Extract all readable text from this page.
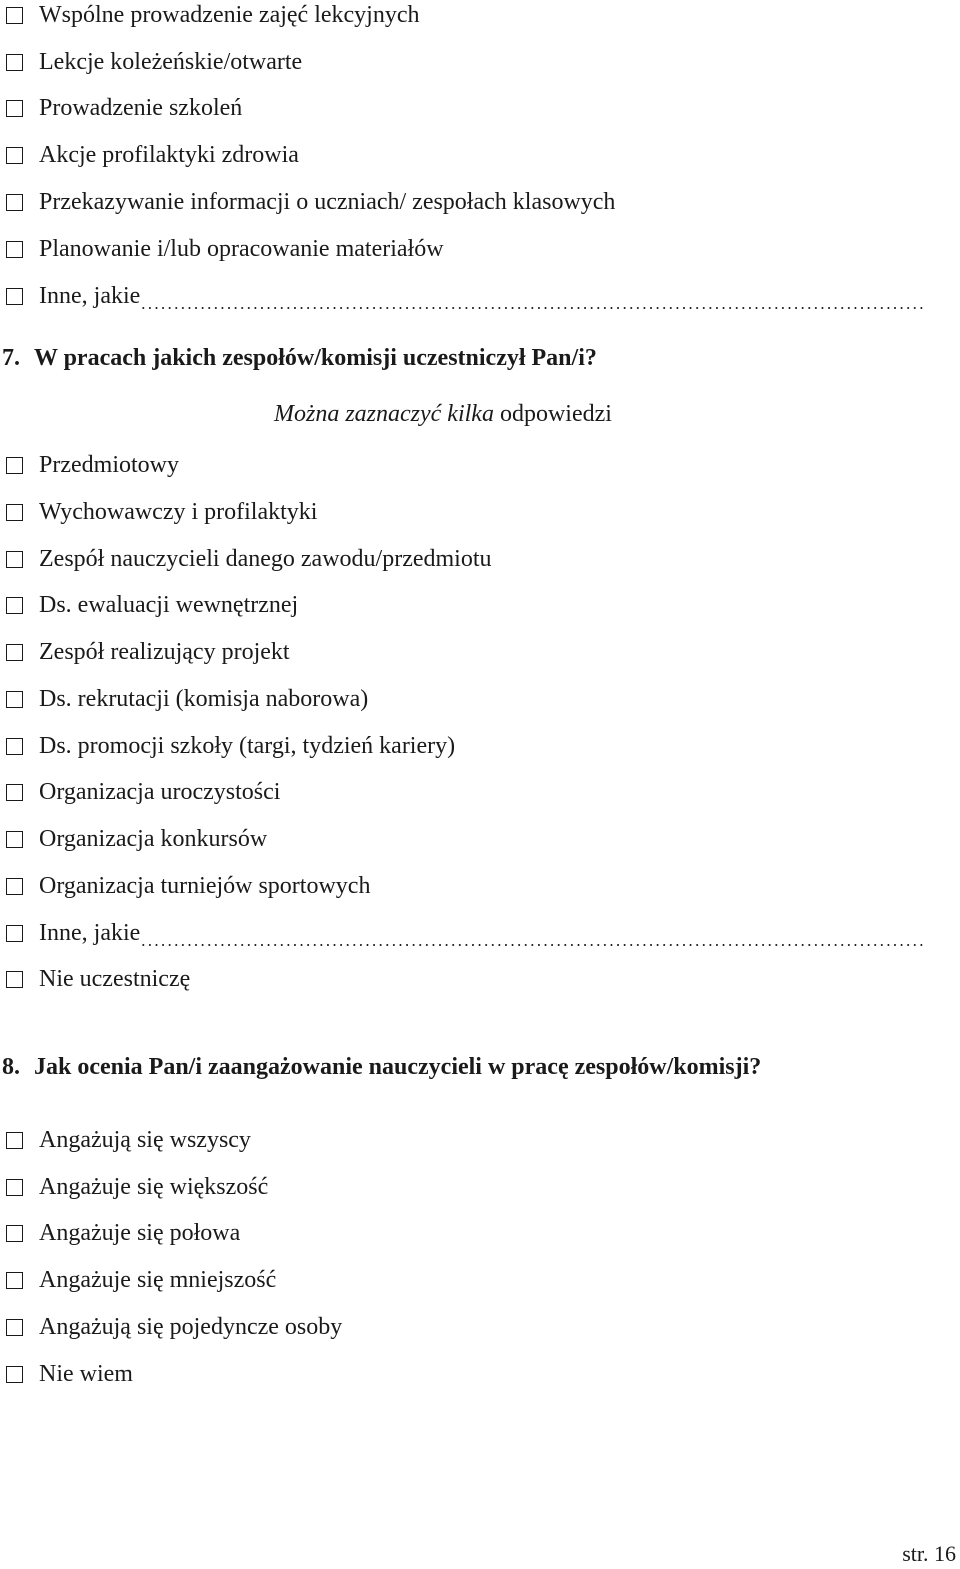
Wspólne prowadzenie zajęć lekcyjnych
Lekcje koleżeńskie/otwarte
Prowadzenie szkoleń
Akcje profilaktyki zdrowia
Przekazywanie informacji o uczniach/ zespołach klasowych
Planowanie i/lub opracowanie materiałów
Inne, jakie
7. W pracach jakich zespołów/komisji uczestniczył Pan/i?
Można zaznaczyć kilka odpowiedzi
Przedmiotowy
Wychowawczy i profilaktyki
Zespół nauczycieli danego zawodu/przedmiotu
Ds. ewaluacji wewnętrznej
Zespół realizujący projekt
Ds. rekrutacji (komisja naborowa)
Ds. promocji szkoły (targi, tydzień kariery)
Organizacja uroczystości
Organizacja konkursów
Organizacja turniejów sportowych
Inne, jakie
Nie uczestniczę
8. Jak ocenia Pan/i zaangażowanie nauczycieli w pracę zespołów/komisji?
Angażują się wszyscy
Angażuje się większość
Angażuje się połowa
Angażuje się mniejszość
Angażują się pojedyncze osoby
Nie wiem
str. 16
